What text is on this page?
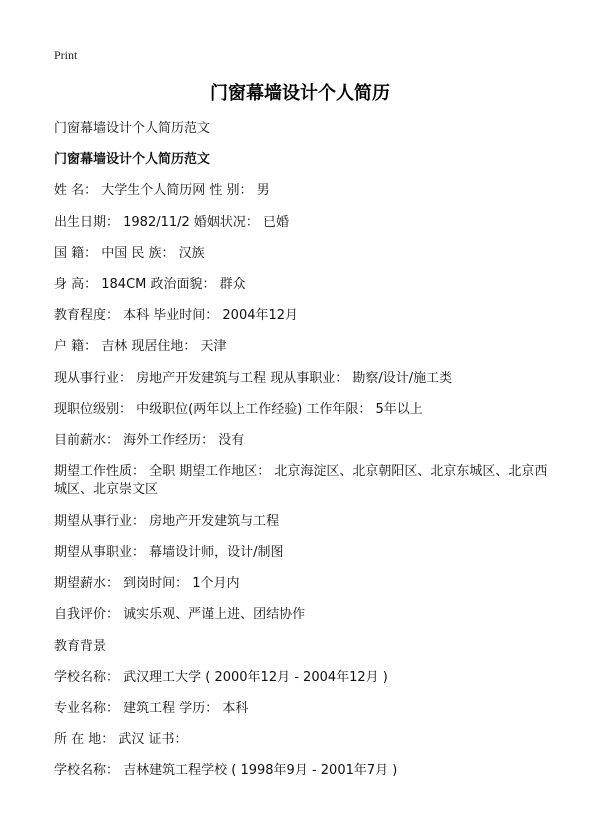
Print
门窗幕墙设计个人简历
门窗幕墙设计个人简历范文
门窗幕墙设计个人简历范文
姓 名： 大学生个人简历网 性 别： 男
出生日期： 1982/11/2 婚姻状况： 已婚
国 籍： 中国 民 族： 汉族
身 高： 184CM 政治面貌： 群众
教育程度： 本科 毕业时间： 2004年12月
户 籍： 吉林 现居住地： 天津
现从事行业： 房地产开发建筑与工程 现从事职业： 勘察/设计/施工类
现职位级别： 中级职位(两年以上工作经验) 工作年限： 5年以上
目前薪水： 海外工作经历： 没有
期望工作性质： 全职 期望工作地区： 北京海淀区、北京朝阳区、北京东城区、北京西城区、北京崇文区
期望从事行业： 房地产开发建筑与工程
期望从事职业： 幕墙设计师，设计/制图
期望薪水： 到岗时间： 1个月内
自我评价： 诚实乐观、严谨上进、团结协作
教育背景
学校名称： 武汉理工大学 ( 2000年12月 - 2004年12月 )
专业名称： 建筑工程 学历： 本科
所 在 地： 武汉 证书：
学校名称： 吉林建筑工程学校 ( 1998年9月 - 2001年7月 )
